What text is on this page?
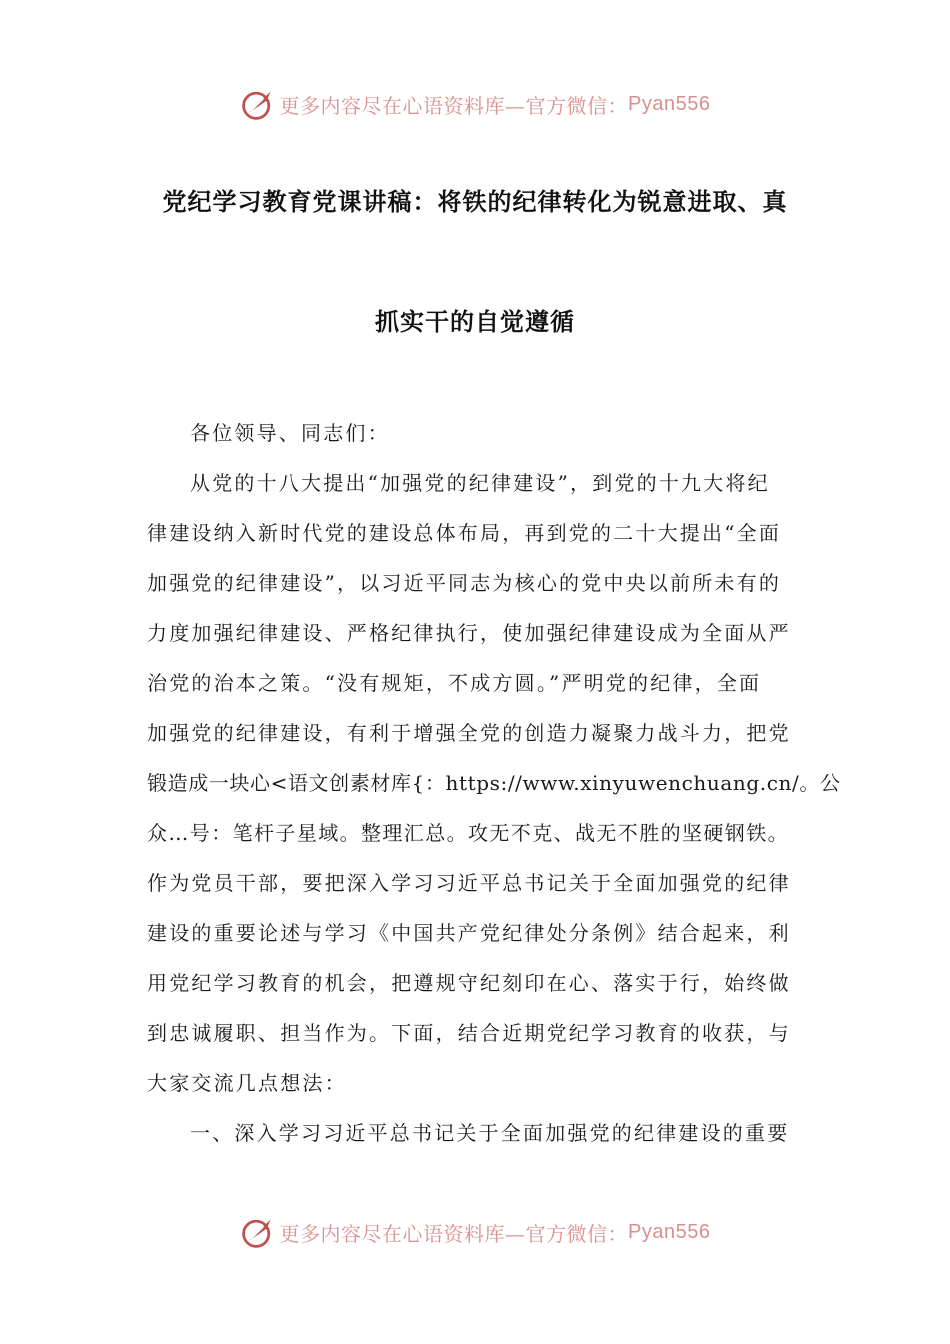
更多内容尽在心语资料库—官方微信： Pyan556
党纪学习教育党课讲稿：将铁的纪律转化为锐意进取、真
抓实干的自觉遵循
各位领导、同志们：
从党的十八大提出“加强党的纪律建设”，到党的十九大将纪
律建设纳入新时代党的建设总体布局，再到党的二十大提出“全面
加强党的纪律建设”，以习近平同志为核心的党中央以前所未有的
力度加强纪律建设、严格纪律执行，使加强纪律建设成为全面从严
治党的治本之策。“没有规矩，不成方圆。”严明党的纪律，全面
加强党的纪律建设，有利于增强全党的创造力凝聚力战斗力，把党
锻造成一块心<语文创素材库{：https://www.xinyuwenchuang.cn/。公
众…号：笔杆子星域。整理汇总。攻无不克、战无不胜的坚硬钢铁。
作为党员干部，要把深入学习习近平总书记关于全面加强党的纪律
建设的重要论述与学习《中国共产党纪律处分条例》结合起来，利
用党纪学习教育的机会，把遵规守纪刻印在心、落实于行，始终做
到忠诚履职、担当作为。下面，结合近期党纪学习教育的收获，与
大家交流几点想法：
一、深入学习习近平总书记关于全面加强党的纪律建设的重要
更多内容尽在心语资料库—官方微信： Pyan556
